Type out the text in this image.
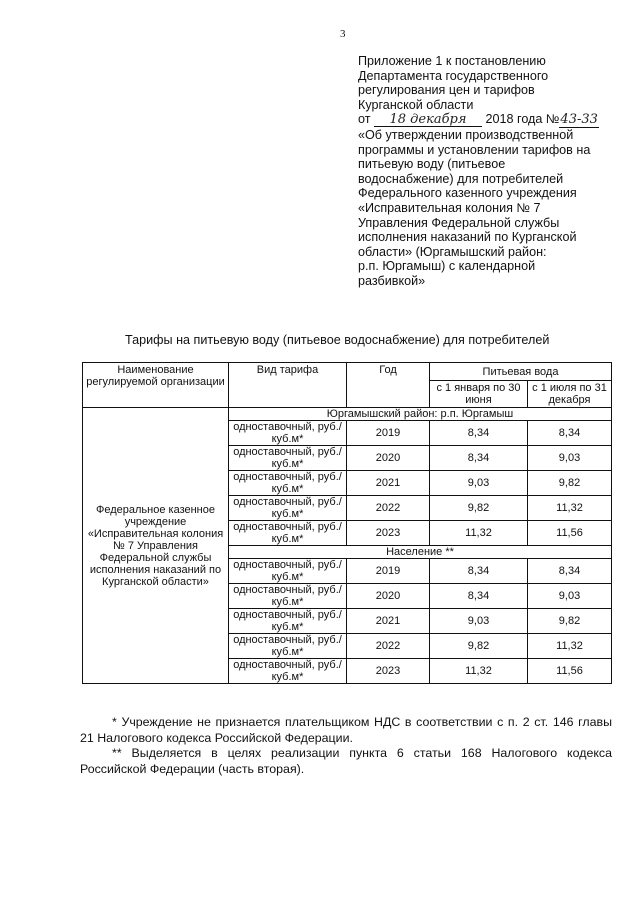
3
Приложение 1 к постановлению
Департамента государственного
регулирования цен и тарифов
Курганской области
от 18 декабря 2018 года №43-33
«Об утверждении производственной
программы и установлении тарифов на
питьевую воду (питьевое
водоснабжение) для потребителей
Федерального казенного учреждения
«Исправительная колония № 7
Управления Федеральной службы
исполнения наказаний по Курганской
области» (Юргамышский район:
р.п. Юргамыш) с календарной
разбивкой»
Тарифы на питьевую воду (питьевое водоснабжение) для потребителей
Наименование регулируемой организации	Вид тарифа	Год	Питьевая вода	
			с 1 января по 30 июня	с 1 июля по 31 декабря
Федеральное казенное учреждение «Исправительная колония № 7 Управления Федеральной службы исполнения наказаний по Курганской области»	Юргамышский район: р.п. Юргамыш			
	одноставочный, руб./куб.м*	2019	8,34	8,34
	одноставочный, руб./куб.м*	2020	8,34	9,03
	одноставочный, руб./куб.м*	2021	9,03	9,82
	одноставочный, руб./куб.м*	2022	9,82	11,32
	одноставочный, руб./куб.м*	2023	11,32	11,56
	Население **			
	одноставочный, руб./куб.м*	2019	8,34	8,34
	одноставочный, руб./куб.м*	2020	8,34	9,03
	одноставочный, руб./куб.м*	2021	9,03	9,82
	одноставочный, руб./куб.м*	2022	9,82	11,32
	одноставочный, руб./куб.м*	2023	11,32	11,56

* Учреждение не признается плательщиком НДС в соответствии с п. 2 ст. 146 главы 21 Налогового кодекса Российской Федерации.

** Выделяется в целях реализации пункта 6 статьи 168 Налогового кодекса Российской Федерации (часть вторая).
